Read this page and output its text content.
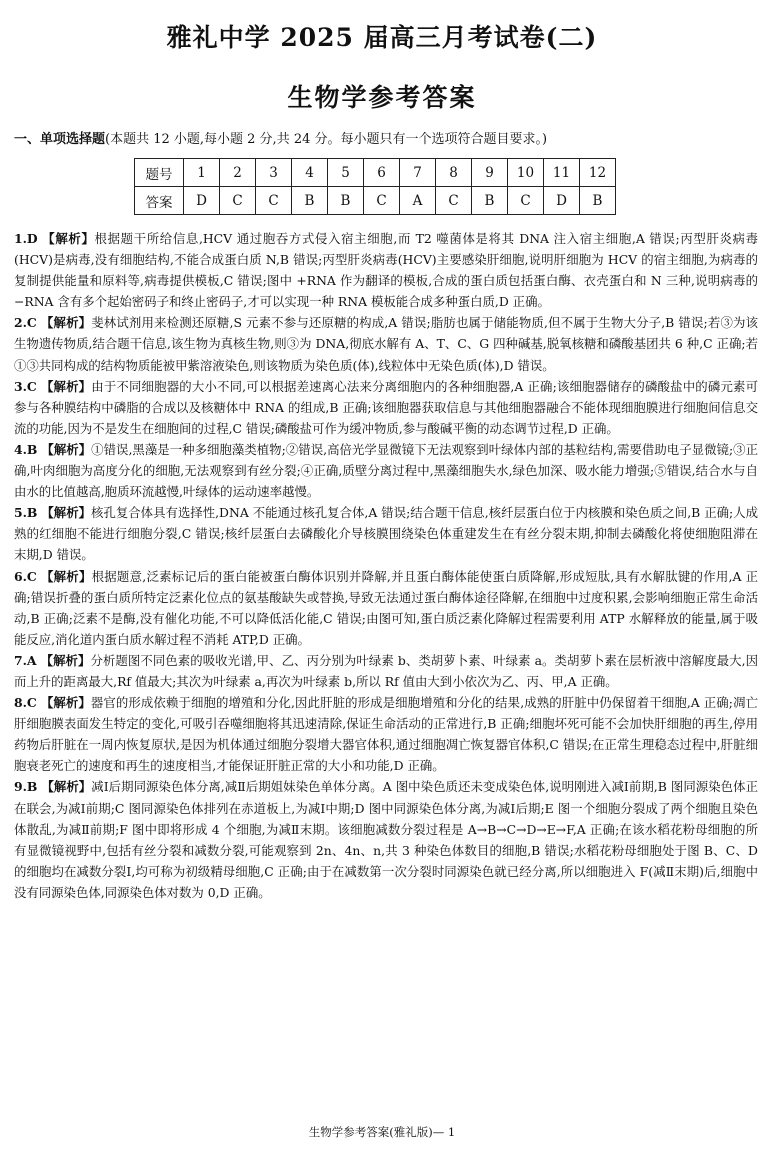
雅礼中学 2025 届高三月考试卷(二)
生物学参考答案
一、单项选择题(本题共 12 小题,每小题 2 分,共 24 分。每小题只有一个选项符合题目要求。)
题号	1	2	3	4	5	6	7	8	9	10	11	12
答案	D	C	C	B	B	C	A	C	B	C	D	B

1.D 【解析】根据题干所给信息,HCV 通过胞吞方式侵入宿主细胞,而 T2 噬菌体是将其 DNA 注入宿主细胞,A 错误;丙型肝炎病毒(HCV)是病毒,没有细胞结构,不能合成蛋白质 N,B 错误;丙型肝炎病毒(HCV)主要感染肝细胞,说明肝细胞为 HCV 的宿主细胞,为病毒的复制提供能量和原料等,病毒提供模板,C 错误;图中 +RNA 作为翻译的模板,合成的蛋白质包括蛋白酶、衣壳蛋白和 N 三种,说明病毒的 −RNA 含有多个起始密码子和终止密码子,才可以实现一种 RNA 模板能合成多种蛋白质,D 正确。

2.C 【解析】斐林试剂用来检测还原糖,S 元素不参与还原糖的构成,A 错误;脂肪也属于储能物质,但不属于生物大分子,B 错误;若③为该生物遗传物质,结合题干信息,该生物为真核生物,则③为 DNA,彻底水解有 A、T、C、G 四种碱基,脱氧核糖和磷酸基团共 6 种,C 正确;若①③共同构成的结构物质能被甲紫溶液染色,则该物质为染色质(体),线粒体中无染色质(体),D 错误。

3.C 【解析】由于不同细胞器的大小不同,可以根据差速离心法来分离细胞内的各种细胞器,A 正确;该细胞器储存的磷酸盐中的磷元素可参与各种膜结构中磷脂的合成以及核糖体中 RNA 的组成,B 正确;该细胞器获取信息与其他细胞器融合不能体现细胞膜进行细胞间信息交流的功能,因为不是发生在细胞间的过程,C 错误;磷酸盐可作为缓冲物质,参与酸碱平衡的动态调节过程,D 正确。

4.B 【解析】①错误,黑藻是一种多细胞藻类植物;②错误,高倍光学显微镜下无法观察到叶绿体内部的基粒结构,需要借助电子显微镜;③正确,叶肉细胞为高度分化的细胞,无法观察到有丝分裂;④正确,质壁分离过程中,黑藻细胞失水,绿色加深、吸水能力增强;⑤错误,结合水与自由水的比值越高,胞质环流越慢,叶绿体的运动速率越慢。

5.B 【解析】核孔复合体具有选择性,DNA 不能通过核孔复合体,A 错误;结合题干信息,核纤层蛋白位于内核膜和染色质之间,B 正确;人成熟的红细胞不能进行细胞分裂,C 错误;核纤层蛋白去磷酸化介导核膜围绕染色体重建发生在有丝分裂末期,抑制去磷酸化将使细胞阻滞在末期,D 错误。

6.C 【解析】根据题意,泛素标记后的蛋白能被蛋白酶体识别并降解,并且蛋白酶体能使蛋白质降解,形成短肽,具有水解肽键的作用,A 正确;错误折叠的蛋白质所特定泛素化位点的氨基酸缺失或替换,导致无法通过蛋白酶体途径降解,在细胞中过度积累,会影响细胞正常生命活动,B 正确;泛素不是酶,没有催化功能,不可以降低活化能,C 错误;由图可知,蛋白质泛素化降解过程需要利用 ATP 水解释放的能量,属于吸能反应,消化道内蛋白质水解过程不消耗 ATP,D 正确。

7.A 【解析】分析题图不同色素的吸收光谱,甲、乙、丙分别为叶绿素 b、类胡萝卜素、叶绿素 a。类胡萝卜素在层析液中溶解度最大,因而上升的距离最大,Rf 值最大;其次为叶绿素 a,再次为叶绿素 b,所以 Rf 值由大到小依次为乙、丙、甲,A 正确。

8.C 【解析】器官的形成依赖于细胞的增殖和分化,因此肝脏的形成是细胞增殖和分化的结果,成熟的肝脏中仍保留着干细胞,A 正确;凋亡肝细胞膜表面发生特定的变化,可吸引吞噬细胞将其迅速清除,保证生命活动的正常进行,B 正确;细胞坏死可能不会加快肝细胞的再生,停用药物后肝脏在一周内恢复原状,是因为机体通过细胞分裂增大器官体积,通过细胞凋亡恢复器官体积,C 错误;在正常生理稳态过程中,肝脏细胞衰老死亡的速度和再生的速度相当,才能保证肝脏正常的大小和功能,D 正确。

9.B 【解析】减Ⅰ后期同源染色体分离,减Ⅱ后期姐妹染色单体分离。A 图中染色质还未变成染色体,说明刚进入减Ⅰ前期,B 图同源染色体正在联会,为减Ⅰ前期;C 图同源染色体排列在赤道板上,为减Ⅰ中期;D 图中同源染色体分离,为减Ⅰ后期;E 图一个细胞分裂成了两个细胞且染色体散乱,为减Ⅱ前期;F 图中即将形成 4 个细胞,为减Ⅱ末期。该细胞减数分裂过程是 A→B→C→D→E→F,A 正确;在该水稻花粉母细胞的所有显微镜视野中,包括有丝分裂和减数分裂,可能观察到 2n、4n、n,共 3 种染色体数目的细胞,B 错误;水稻花粉母细胞处于图 B、C、D 的细胞均在减数分裂Ⅰ,均可称为初级精母细胞,C 正确;由于在减数第一次分裂时同源染色就已经分离,所以细胞进入 F(减Ⅱ末期)后,细胞中没有同源染色体,同源染色体对数为 0,D 正确。

生物学参考答案(雅礼版)— 1
